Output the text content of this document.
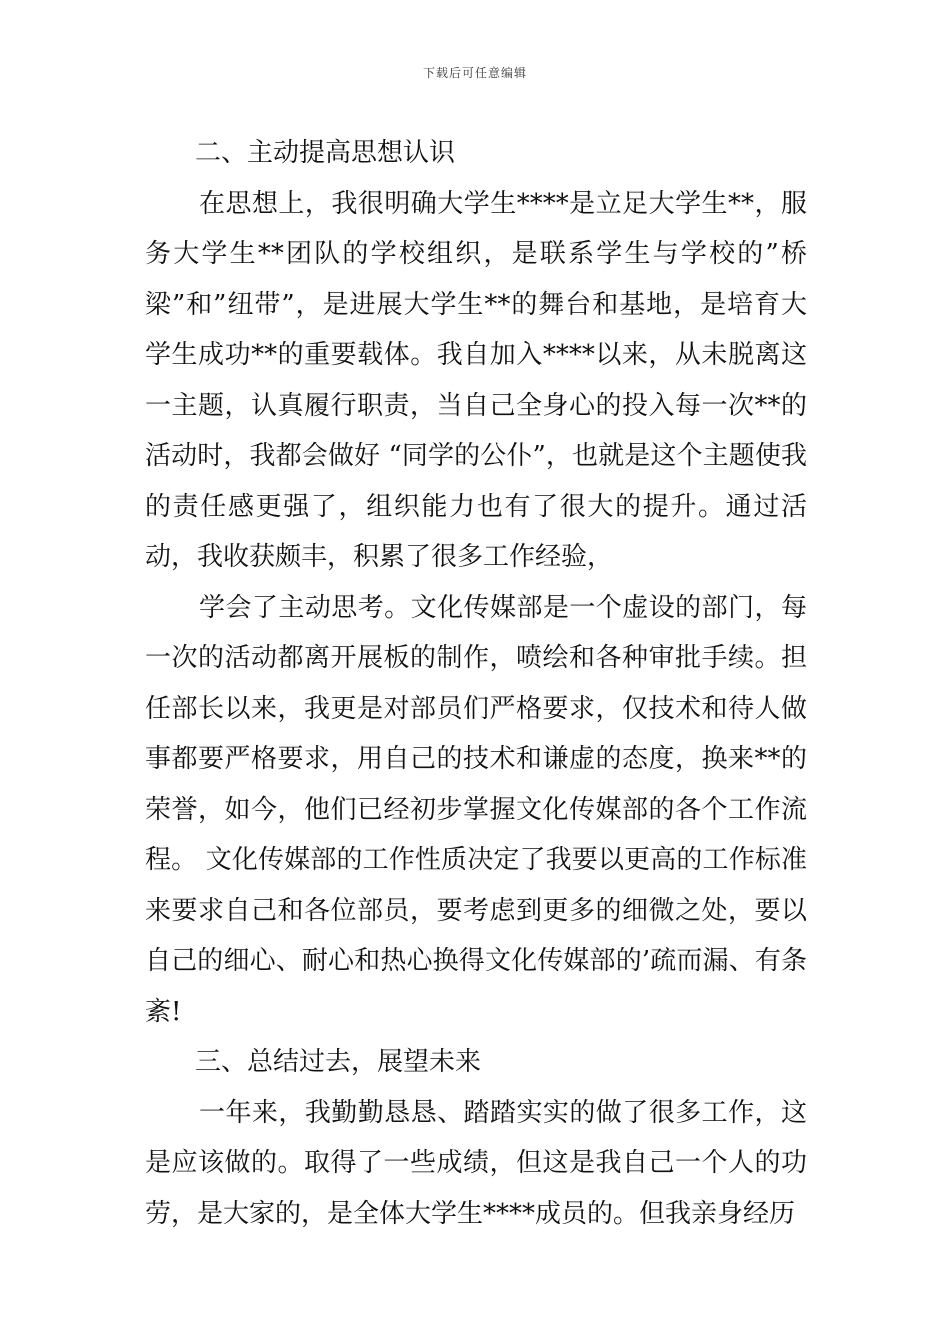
下载后可任意编辑

二、主动提高思想认识

在思想上，我很明确大学生****是立足大学生**，服务大学生**团队的学校组织，是联系学生与学校的”桥梁”和”纽带”，是进展大学生**的舞台和基地，是培育大学生成功**的重要载体。我自加入****以来，从未脱离这一主题，认真履行职责，当自己全身心的投入每一次**的活动时，我都会做好 “同学的公仆”，也就是这个主题使我的责任感更强了，组织能力也有了很大的提升。通过活动，我收获颇丰，积累了很多工作经验，

学会了主动思考。文化传媒部是一个虚设的部门，每一次的活动都离开展板的制作，喷绘和各种审批手续。担任部长以来，我更是对部员们严格要求，仅技术和待人做事都要严格要求，用自己的技术和谦虚的态度，换来**的荣誉，如今，他们已经初步掌握文化传媒部的各个工作流程。 文化传媒部的工作性质决定了我要以更高的工作标准来要求自己和各位部员，要考虑到更多的细微之处，要以自己的细心、耐心和热心换得文化传媒部的’疏而漏、有条紊!

三、总结过去，展望未来

一年来，我勤勤恳恳、踏踏实实的做了很多工作，这是应该做的。取得了一些成绩，但这是我自己一个人的功劳，是大家的，是全体大学生****成员的。但我亲身经历
